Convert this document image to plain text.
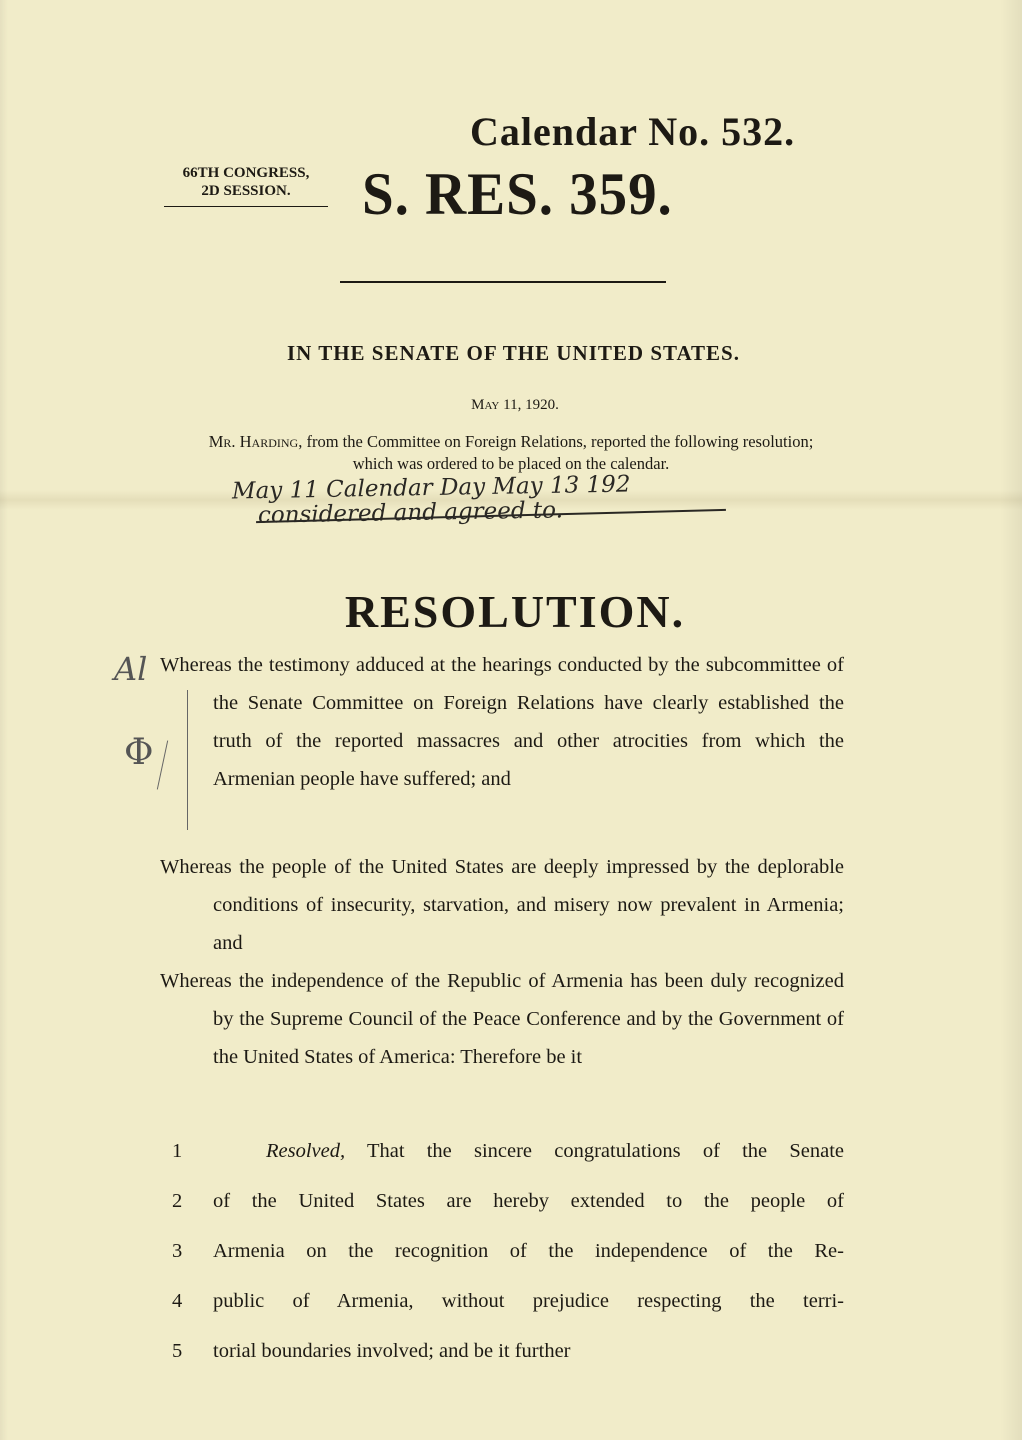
Calendar No. 532.
66TH CONGRESS,
2D SESSION.	S. RES. 359.
IN THE SENATE OF THE UNITED STATES.
May 11, 1920.
Mr. Harding, from the Committee on Foreign Relations, reported the following resolution; which was ordered to be placed on the calendar.
May 11 Calendar Day May 13 192
considered and agreed to.
RESOLUTION.
Al
Φ

Whereas the testimony adduced at the hearings conducted by the subcommittee of the Senate Committee on Foreign Relations have clearly established the truth of the reported massacres and other atrocities from which the Armenian people have suffered; and

Whereas the people of the United States are deeply impressed by the deplorable conditions of insecurity, starvation, and misery now prevalent in Armenia; and

Whereas the independence of the Republic of Armenia has been duly recognized by the Supreme Council of the Peace Conference and by the Government of the United States of America: Therefore be it

1	Resolved, That the sincere congratulations of the Senate
2	of the United States are hereby extended to the people of
3	Armenia on the recognition of the independence of the Re-
4	public of Armenia, without prejudice respecting the terri-
5	torial boundaries involved; and be it further
